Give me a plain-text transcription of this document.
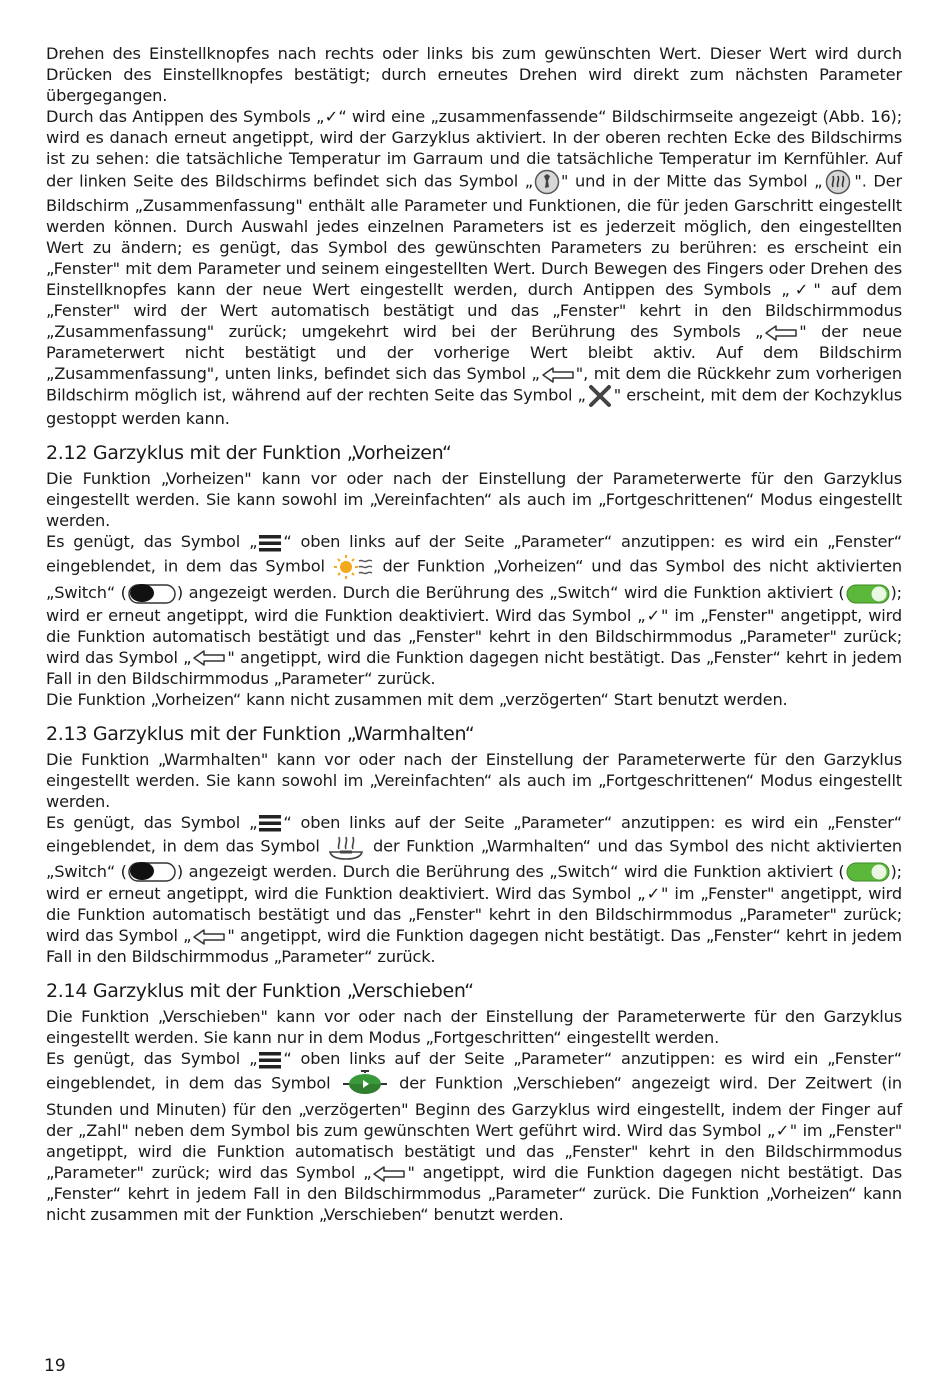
Drehen des Einstellknopfes nach rechts oder links bis zum gewünschten Wert. Dieser Wert wird durch Drücken des Einstellknopfes bestätigt; durch erneutes Drehen wird direkt zum nächsten Parameter übergegangen.

Durch das Antippen des Symbols „✓“ wird eine „zusammenfassende“ Bildschirmseite angezeigt (Abb. 16); wird es danach erneut angetippt, wird der Garzyklus aktiviert. In der oberen rechten Ecke des Bildschirms ist zu sehen: die tatsächliche Temperatur im Garraum und die tatsächliche Temperatur im Kernfühler. Auf der linken Seite des Bildschirms befindet sich das Symbol „ " und in der Mitte das Symbol „ ". Der Bildschirm „Zusammenfassung" enthält alle Parameter und Funktionen, die für jeden Garschritt eingestellt werden können. Durch Auswahl jedes einzelnen Parameters ist es jederzeit möglich, den eingestellten Wert zu ändern; es genügt, das Symbol des gewünschten Parameters zu berühren: es erscheint ein „Fenster" mit dem Parameter und seinem eingestellten Wert. Durch Bewegen des Fingers oder Drehen des Einstellknopfes kann der neue Wert eingestellt werden, durch Antippen des Symbols „✓" auf dem „Fenster" wird der Wert automatisch bestätigt und das „Fenster" kehrt in den Bildschirmmodus „Zusammenfassung" zurück; umgekehrt wird bei der Berührung des Symbols „ " der neue Parameterwert nicht bestätigt und der vorherige Wert bleibt aktiv. Auf dem Bildschirm „Zusammenfassung", unten links, befindet sich das Symbol „ ", mit dem die Rückkehr zum vorherigen Bildschirm möglich ist, während auf der rechten Seite das Symbol „ " erscheint, mit dem der Kochzyklus gestoppt werden kann.

2.12 Garzyklus mit der Funktion „Vorheizen“

Die Funktion „Vorheizen" kann vor oder nach der Einstellung der Parameterwerte für den Garzyklus eingestellt werden. Sie kann sowohl im „Vereinfachten“ als auch im „Fortgeschrittenen“ Modus eingestellt werden.

Es genügt, das Symbol „ “ oben links auf der Seite „Parameter“ anzutippen: es wird ein „Fenster“ eingeblendet, in dem das Symbol	der Funktion „Vorheizen“ und das Symbol des nicht aktivierten „Switch“ (	) angezeigt werden. Durch die Berührung des „Switch“ wird die Funktion aktiviert (	); wird er erneut angetippt, wird die Funktion deaktiviert. Wird das Symbol „✓" im „Fenster" angetippt, wird die Funktion automatisch bestätigt und das „Fenster" kehrt in den Bildschirmmodus „Parameter" zurück; wird das Symbol „ " angetippt, wird die Funktion dagegen nicht bestätigt. Das „Fenster“ kehrt in jedem Fall in den Bildschirmmodus „Parameter“ zurück.

Die Funktion „Vorheizen“ kann nicht zusammen mit dem „verzögerten“ Start benutzt werden.

2.13 Garzyklus mit der Funktion „Warmhalten“

Die Funktion „Warmhalten" kann vor oder nach der Einstellung der Parameterwerte für den Garzyklus eingestellt werden. Sie kann sowohl im „Vereinfachten“ als auch im „Fortgeschrittenen“ Modus eingestellt werden.

Es genügt, das Symbol „ “ oben links auf der Seite „Parameter“ anzutippen: es wird ein „Fenster“ eingeblendet, in dem das Symbol
der Funktion „Warmhalten“ und das Symbol des nicht aktivierten „Switch“ (	) angezeigt werden. Durch die Berührung des „Switch“ wird die Funktion aktiviert (	); wird er erneut angetippt, wird die Funktion deaktiviert. Wird das Symbol „✓" im „Fenster" angetippt, wird die Funktion automatisch bestätigt und das „Fenster" kehrt in den Bildschirmmodus „Parameter" zurück; wird das Symbol „ " angetippt, wird die Funktion dagegen nicht bestätigt. Das „Fenster“ kehrt in jedem Fall in den Bildschirmmodus „Parameter“ zurück.

2.14 Garzyklus mit der Funktion „Verschieben“

Die Funktion „Verschieben" kann vor oder nach der Einstellung der Parameterwerte für den Garzyklus eingestellt werden. Sie kann nur in dem Modus „Fortgeschritten“ eingestellt werden.

Es genügt, das Symbol „ “ oben links auf der Seite „Parameter“ anzutippen: es wird ein „Fenster“ eingeblendet, in dem das Symbol	der Funktion „Verschieben“ angezeigt wird. Der Zeitwert (in Stunden und Minuten) für den „verzögerten" Beginn des Garzyklus wird eingestellt, indem der Finger auf der „Zahl" neben dem Symbol bis zum gewünschten Wert geführt wird. Wird das Symbol „✓" im „Fenster" angetippt, wird die Funktion automatisch bestätigt und das „Fenster" kehrt in den Bildschirmmodus „Parameter" zurück; wird das Symbol „ " angetippt, wird die Funktion dagegen nicht bestätigt. Das „Fenster“ kehrt in jedem Fall in den Bildschirmmodus „Parameter“ zurück. Die Funktion „Vorheizen“ kann nicht zusammen mit der Funktion „Verschieben“ benutzt werden.

19
